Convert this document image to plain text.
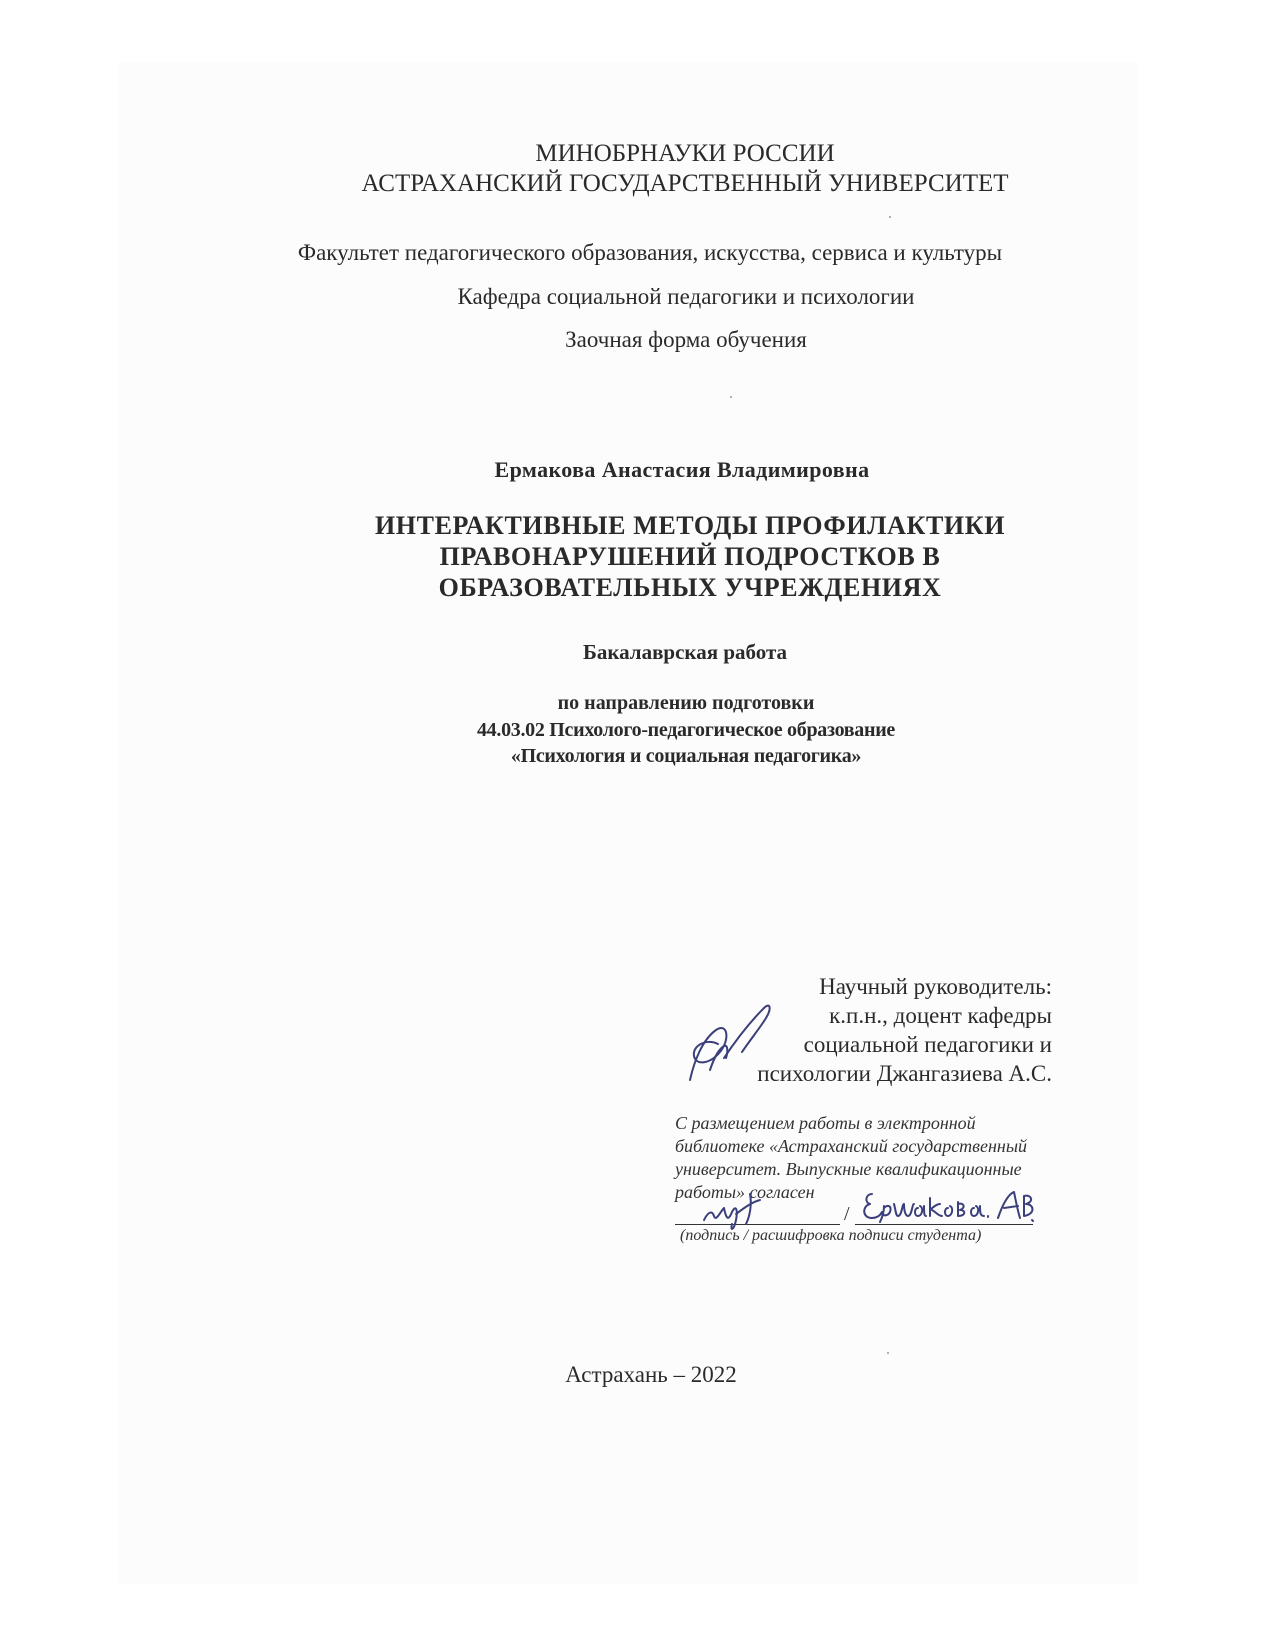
МИНОБРНАУКИ РОССИИ
АСТРАХАНСКИЙ ГОСУДАРСТВЕННЫЙ УНИВЕРСИТЕТ
Факультет педагогического образования, искусства, сервиса и культуры
Кафедра социальной педагогики и психологии
Заочная форма обучения
Ермакова Анастасия Владимировна
ИНТЕРАКТИВНЫЕ МЕТОДЫ ПРОФИЛАКТИКИ
ПРАВОНАРУШЕНИЙ ПОДРОСТКОВ В
ОБРАЗОВАТЕЛЬНЫХ УЧРЕЖДЕНИЯХ
Бакалаврская работа
по направлению подготовки
44.03.02 Психолого-педагогическое образование
«Психология и социальная педагогика»
Научный руководитель:
к.п.н., доцент кафедры
социальной педагогики и
психологии Джангазиева А.С.
С размещением работы в электронной
библиотеке «Астраханский государственный
университет. Выпускные квалификационные
работы» согласен
/
(подпись / расшифровка подписи студента)
Астрахань – 2022
